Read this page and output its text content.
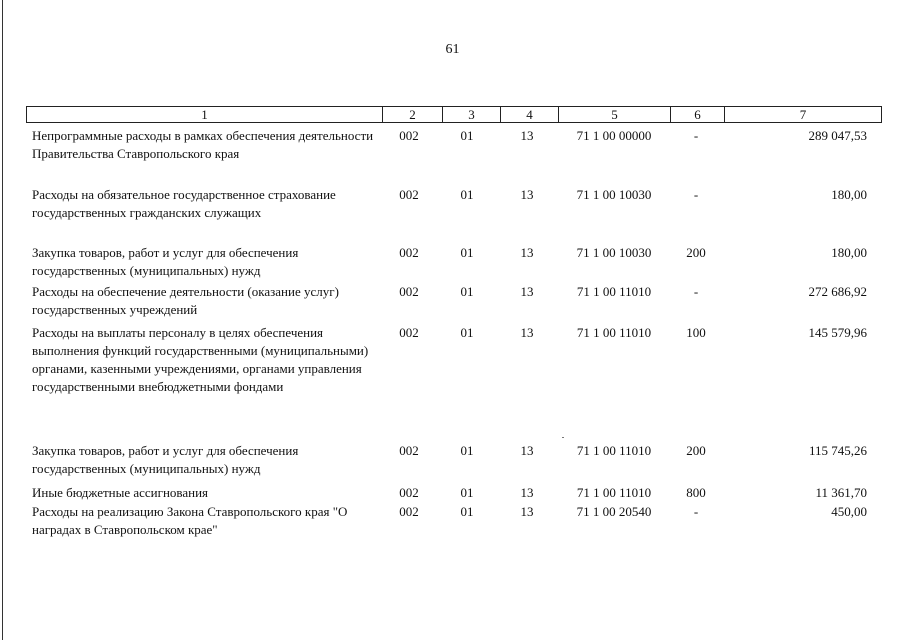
61
1	2	3	4	5	6	7
Непрограммные расходы в рамках обеспечения деятельности Правительства Ставропольского края
002	01	13	71 1 00 00000	-	289 047,53
Расходы на обязательное государственное страхование государственных гражданских служащих
002	01	13	71 1 00 10030	-	180,00
Закупка товаров, работ и услуг для обеспечения государственных (муниципальных) нужд
002	01	13	71 1 00 10030	200	180,00
Расходы на обеспечение деятельности (оказание услуг) государственных учреждений
002	01	13	71 1 00 11010	-	272 686,92
Расходы на выплаты персоналу в целях обеспечения выполнения функций государственными (муниципальными) органами, казенными учреждениями, органами управления государственными внебюджетными фондами
002	01	13	71 1 00 11010	100	145 579,96
Закупка товаров, работ и услуг для обеспечения государственных (муниципальных) нужд
002	01	13	71 1 00 11010	200	115 745,26
Иные бюджетные ассигнования	002	01	13	71 1 00 11010	800	11 361,70
Расходы на реализацию Закона Ставропольского края "О наградах в Ставропольском крае"
002	01	13	71 1 00 20540	-	450,00
